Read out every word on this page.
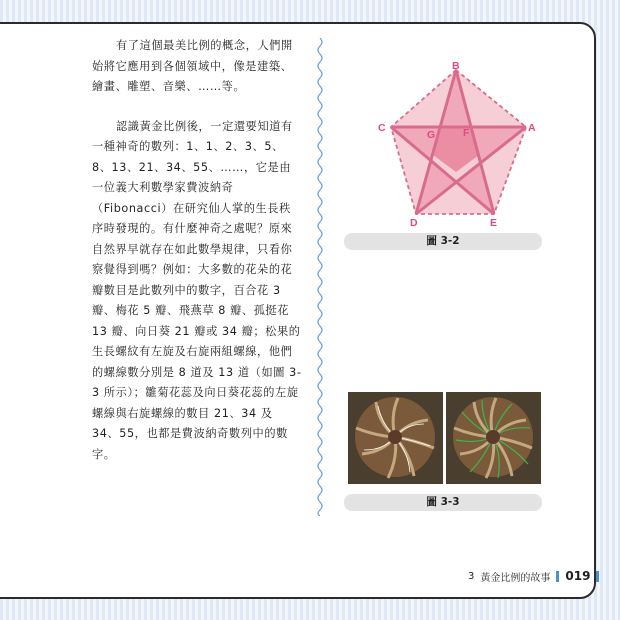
有了這個最美比例的概念，人們開始將它應用到各個領域中，像是建築、繪畫、雕塑、音樂、……等。

認識黃金比例後，一定還要知道有一種神奇的數列：1、1、2、3、5、8、13、21、34、55、……，它是由一位義大利數學家費波納奇（Fibonacci）在研究仙人掌的生長秩序時發現的。有什麼神奇之處呢？原來自然界早就存在如此數學規律，只看你察覺得到嗎？例如：大多數的花朵的花瓣數目是此數列中的數字，百合花 3 瓣、梅花 5 瓣、飛燕草 8 瓣、孤挺花 13 瓣、向日葵 21 瓣或 34 瓣；松果的生長螺紋有左旋及右旋兩組螺線，他們的螺線數分別是 8 道及 13 道（如圖 3-3 所示）；雛菊花蕊及向日葵花蕊的左旋螺線與右旋螺線的數目 21、34 及 34、55，也都是費波納奇數列中的數字。

B
C	A
G	F
D	E
圖 3-2
圖 3-3
3 黃金比例的故事 019
